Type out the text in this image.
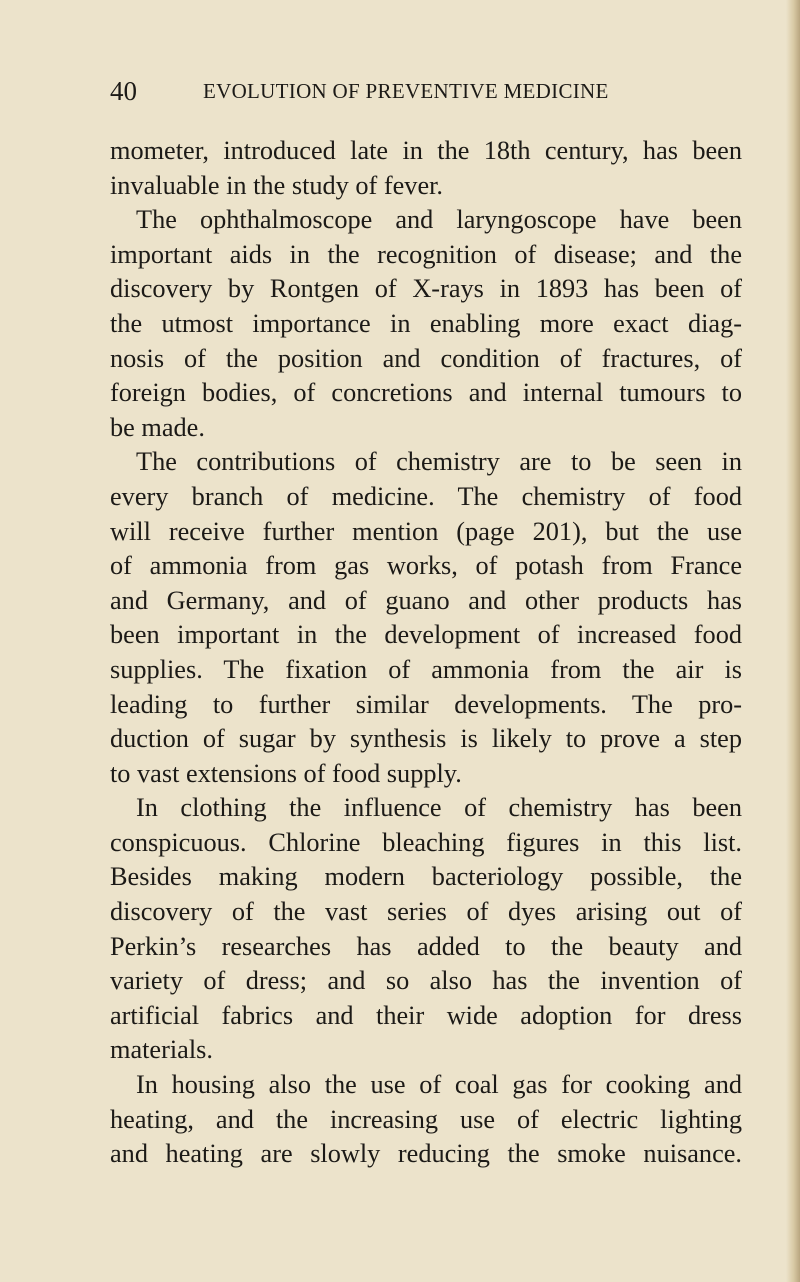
40	EVOLUTION OF PREVENTIVE MEDICINE
mometer, introduced late in the 18th century, has been
invaluable in the study of fever.
The ophthalmoscope and laryngoscope have been
important aids in the recognition of disease; and the
discovery by Rontgen of X-rays in 1893 has been of
the utmost importance in enabling more exact diag-
nosis of the position and condition of fractures, of
foreign bodies, of concretions and internal tumours to
be made.
The contributions of chemistry are to be seen in
every branch of medicine. The chemistry of food
will receive further mention (page 201), but the use
of ammonia from gas works, of potash from France
and Germany, and of guano and other products has
been important in the development of increased food
supplies. The fixation of ammonia from the air is
leading to further similar developments. The pro-
duction of sugar by synthesis is likely to prove a step
to vast extensions of food supply.
In clothing the influence of chemistry has been
conspicuous. Chlorine bleaching figures in this list.
Besides making modern bacteriology possible, the
discovery of the vast series of dyes arising out of
Perkin’s researches has added to the beauty and
variety of dress; and so also has the invention of
artificial fabrics and their wide adoption for dress
materials.
In housing also the use of coal gas for cooking and
heating, and the increasing use of electric lighting
and heating are slowly reducing the smoke nuisance.
